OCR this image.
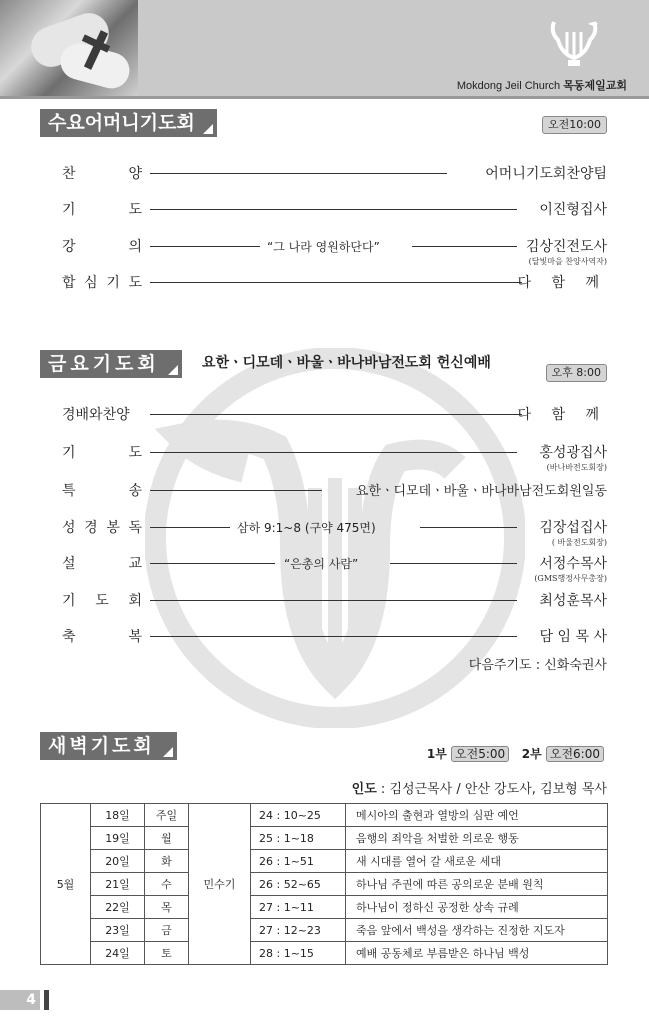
Mokdong Jeil Church 목동제일교회
수요어머니기도회	오전10:00
찬	양	어머니기도회찬양팀
기	도	이진형집사
강	의	“그 나라 영원하단다”	김상진전도사
(달빛마을 찬양사역자)
합 심 기 도	다 함 께
금요기도회	요한ㆍ디모데ㆍ바울ㆍ바나바남전도회 헌신예배
오후 8:00
경배와찬양	다 함 께
기	도	홍성광집사
(바나바전도회장)
특	송	요한ㆍ디모데ㆍ바울ㆍ바나바남전도회원일동
성 경 봉 독	삼하 9:1~8 (구약 475면)	김장섭집사
( 바울전도회장)
설	교	“은총의 사람”	서정수목사
(GMS행정사무총장)
기 도 회	최성훈목사
축	복	담 임 목 사
다음주기도 : 신화숙권사
새벽기도회	1부 오전5:00 2부 오전6:00
인도 : 김성근목사 / 안산 강도사, 김보형 목사
5월	18일	주일	민수기	24 : 10~25	메시아의 출현과 열방의 심판 예언
	19일	월		25 : 1~18	음행의 죄악을 처벌한 의로운 행동
	20일	화		26 : 1~51	새 시대를 열어 갈 새로운 세대
	21일	수		26 : 52~65	하나님 주권에 따른 공의로운 분배 원칙
	22일	목		27 : 1~11	하나님이 정하신 공정한 상속 규례
	23일	금		27 : 12~23	죽음 앞에서 백성을 생각하는 진정한 지도자
	24일	토		28 : 1~15	예배 공동체로 부름받은 하나님 백성
4
